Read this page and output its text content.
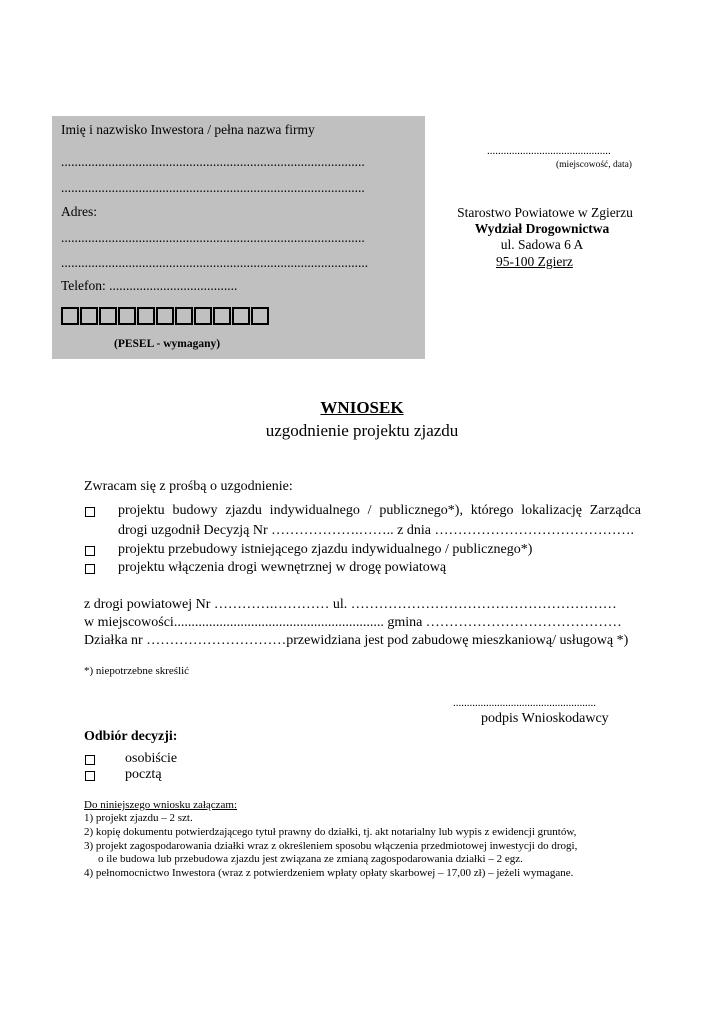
Imię i nazwisko Inwestora / pełna nazwa firmy
..........................................................................................
..........................................................................................
Adres:
..........................................................................................
...........................................................................................
Telefon: ......................................
(PESEL - wymagany)
.............................................
(miejscowość, data)
Starostwo Powiatowe w Zgierzu
Wydział Drogownictwa
ul. Sadowa 6 A
95-100 Zgierz
WNIOSEK
uzgodnienie projektu zjazdu
Zwracam się z prośbą o uzgodnienie:
projektu budowy zjazdu indywidualnego / publicznego*), którego lokalizację Zarządca
drogi uzgodnił Decyzją Nr ……………….…….. z dnia …………………………………….
projektu przebudowy istniejącego zjazdu indywidualnego / publicznego*)
projektu włączenia drogi wewnętrznej w drogę powiatową
z drogi powiatowej Nr ………….………… ul. …………………………………………………
w miejscowości............................................................ gmina ……………………………………
Działka nr …………………………przewidziana jest pod zabudowę mieszkaniową/ usługową *)
*) niepotrzebne skreślić
....................................................
podpis Wnioskodawcy
Odbiór decyzji:
osobiście
pocztą
Do niniejszego wniosku załączam:
1) projekt zjazdu – 2 szt.
2) kopię dokumentu potwierdzającego tytuł prawny do działki, tj. akt notarialny lub wypis z ewidencji gruntów,
3) projekt zagospodarowania działki wraz z określeniem sposobu włączenia przedmiotowej inwestycji do drogi,
o ile budowa lub przebudowa zjazdu jest związana ze zmianą zagospodarowania działki – 2 egz.
4) pełnomocnictwo Inwestora (wraz z potwierdzeniem wpłaty opłaty skarbowej – 17,00 zł) – jeżeli wymagane.
